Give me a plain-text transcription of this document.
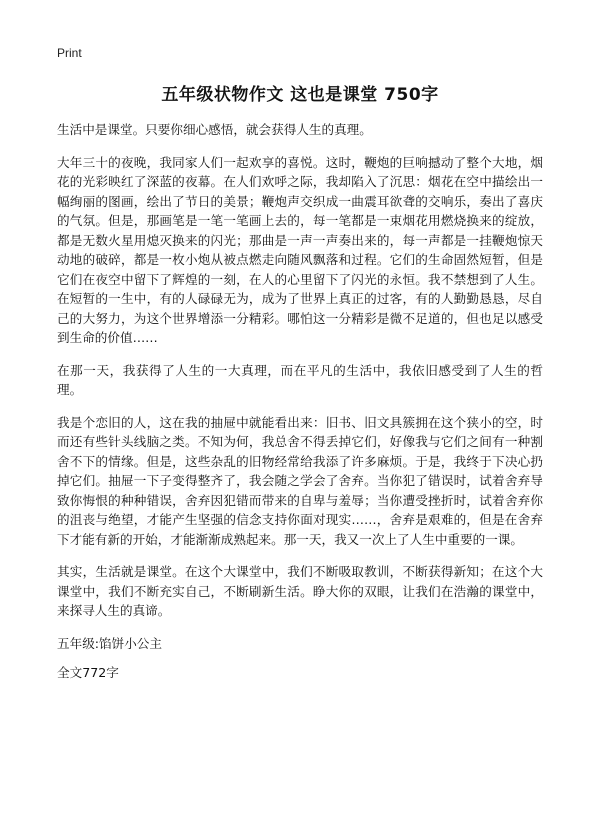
Print
五年级状物作文 这也是课堂 750字

生活中是课堂。只要你细心感悟，就会获得人生的真理。

大年三十的夜晚，我同家人们一起欢享的喜悦。这时，鞭炮的巨响撼动了整个大地，烟花的光彩映红了深蓝的夜幕。在人们欢呼之际，我却陷入了沉思：烟花在空中描绘出一幅绚丽的图画，绘出了节日的美景；鞭炮声交织成一曲震耳欲聋的交响乐，奏出了喜庆的气氛。但是，那画笔是一笔一笔画上去的，每一笔都是一束烟花用燃烧换来的绽放，都是无数火星用熄灭换来的闪光；那曲是一声一声奏出来的，每一声都是一挂鞭炮惊天动地的破碎，都是一枚小炮从被点燃走向随风飘落和过程。它们的生命固然短暂，但是它们在夜空中留下了辉煌的一刻，在人的心里留下了闪光的永恒。我不禁想到了人生。在短暂的一生中，有的人碌碌无为，成为了世界上真正的过客，有的人勤勤恳恳，尽自己的大努力，为这个世界增添一分精彩。哪怕这一分精彩是微不足道的，但也足以感受到生命的价值……

在那一天，我获得了人生的一大真理，而在平凡的生活中，我依旧感受到了人生的哲理。

我是个恋旧的人，这在我的抽屉中就能看出来：旧书、旧文具簇拥在这个狭小的空，时而还有些针头线脑之类。不知为何，我总舍不得丢掉它们，好像我与它们之间有一种割舍不下的情缘。但是，这些杂乱的旧物经常给我添了许多麻烦。于是，我终于下决心扔掉它们。抽屉一下子变得整齐了，我会随之学会了舍弃。当你犯了错误时，试着舍弃导致你悔恨的种种错误，舍弃因犯错而带来的自卑与羞辱；当你遭受挫折时，试着舍弃你的沮丧与绝望，才能产生坚强的信念支持你面对现实……，舍弃是艰难的，但是在舍弃下才能有新的开始，才能渐渐成熟起来。那一天，我又一次上了人生中重要的一课。

其实，生活就是课堂。在这个大课堂中，我们不断吸取教训，不断获得新知；在这个大课堂中，我们不断充实自己，不断刷新生活。睁大你的双眼，让我们在浩瀚的课堂中，来探寻人生的真谛。

五年级:馅饼小公主

全文772字
